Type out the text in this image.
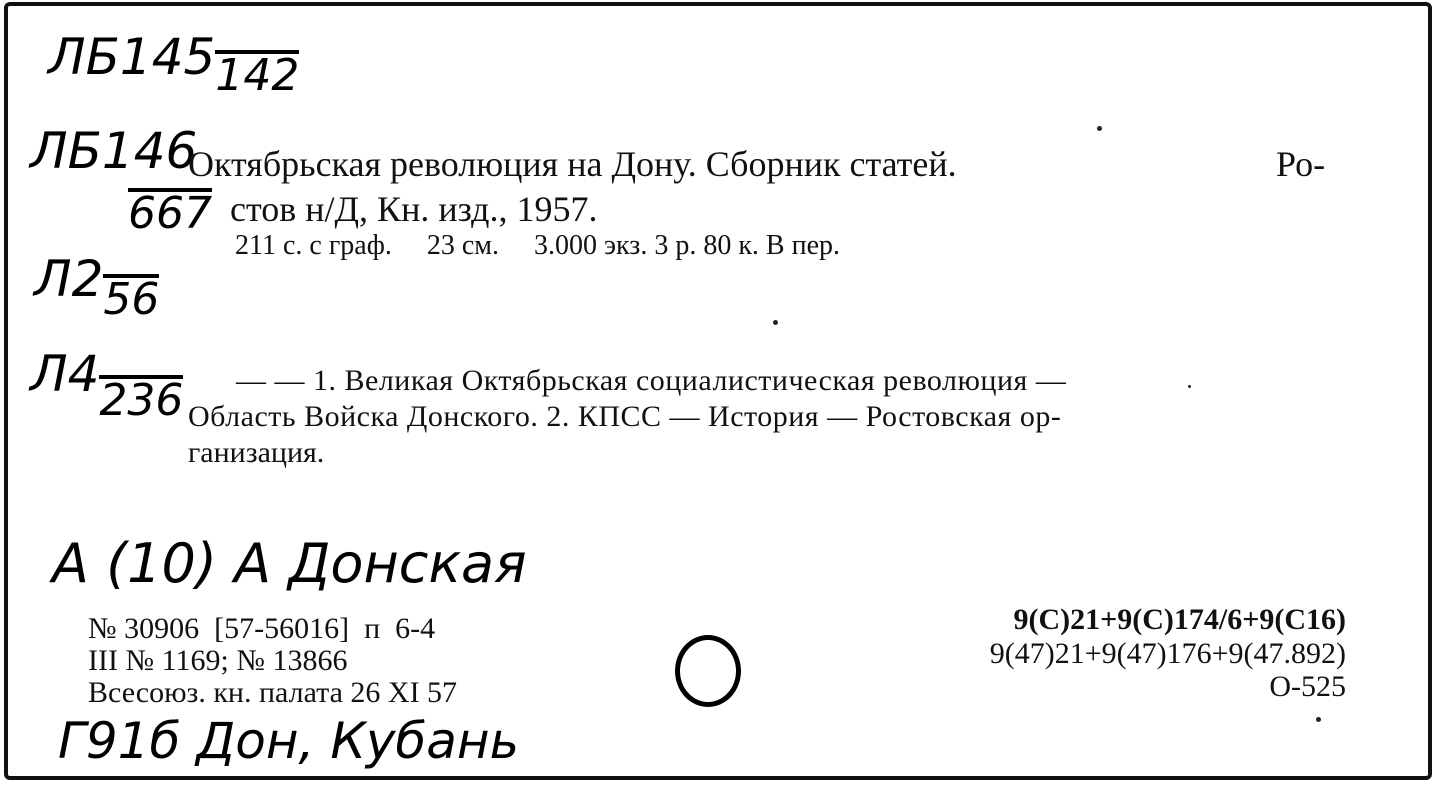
ЛБ145142
ЛБ146
667
Л256
Л4236
Октябрьская революция на Дону. Сборник статей.	Ро-
стов н/Д, Кн. изд., 1957.
211 с. с граф.     23 см.     3.000 экз. 3 р. 80 к. В пер.
— — 1. Великая Октябрьская социалистическая революция —
Область Войска Донского. 2. КПСС — История — Ростовская ор-
ганизация.
А (10) А Донская
№ 30906  [57-56016]  п  6-4
III № 1169; № 13866
Всесоюз. кн. палата 26 XI 57
9(С)21+9(С)174/6+9(С16)
9(47)21+9(47)176+9(47.892)
О-525
Г91б Дон, Кубань
